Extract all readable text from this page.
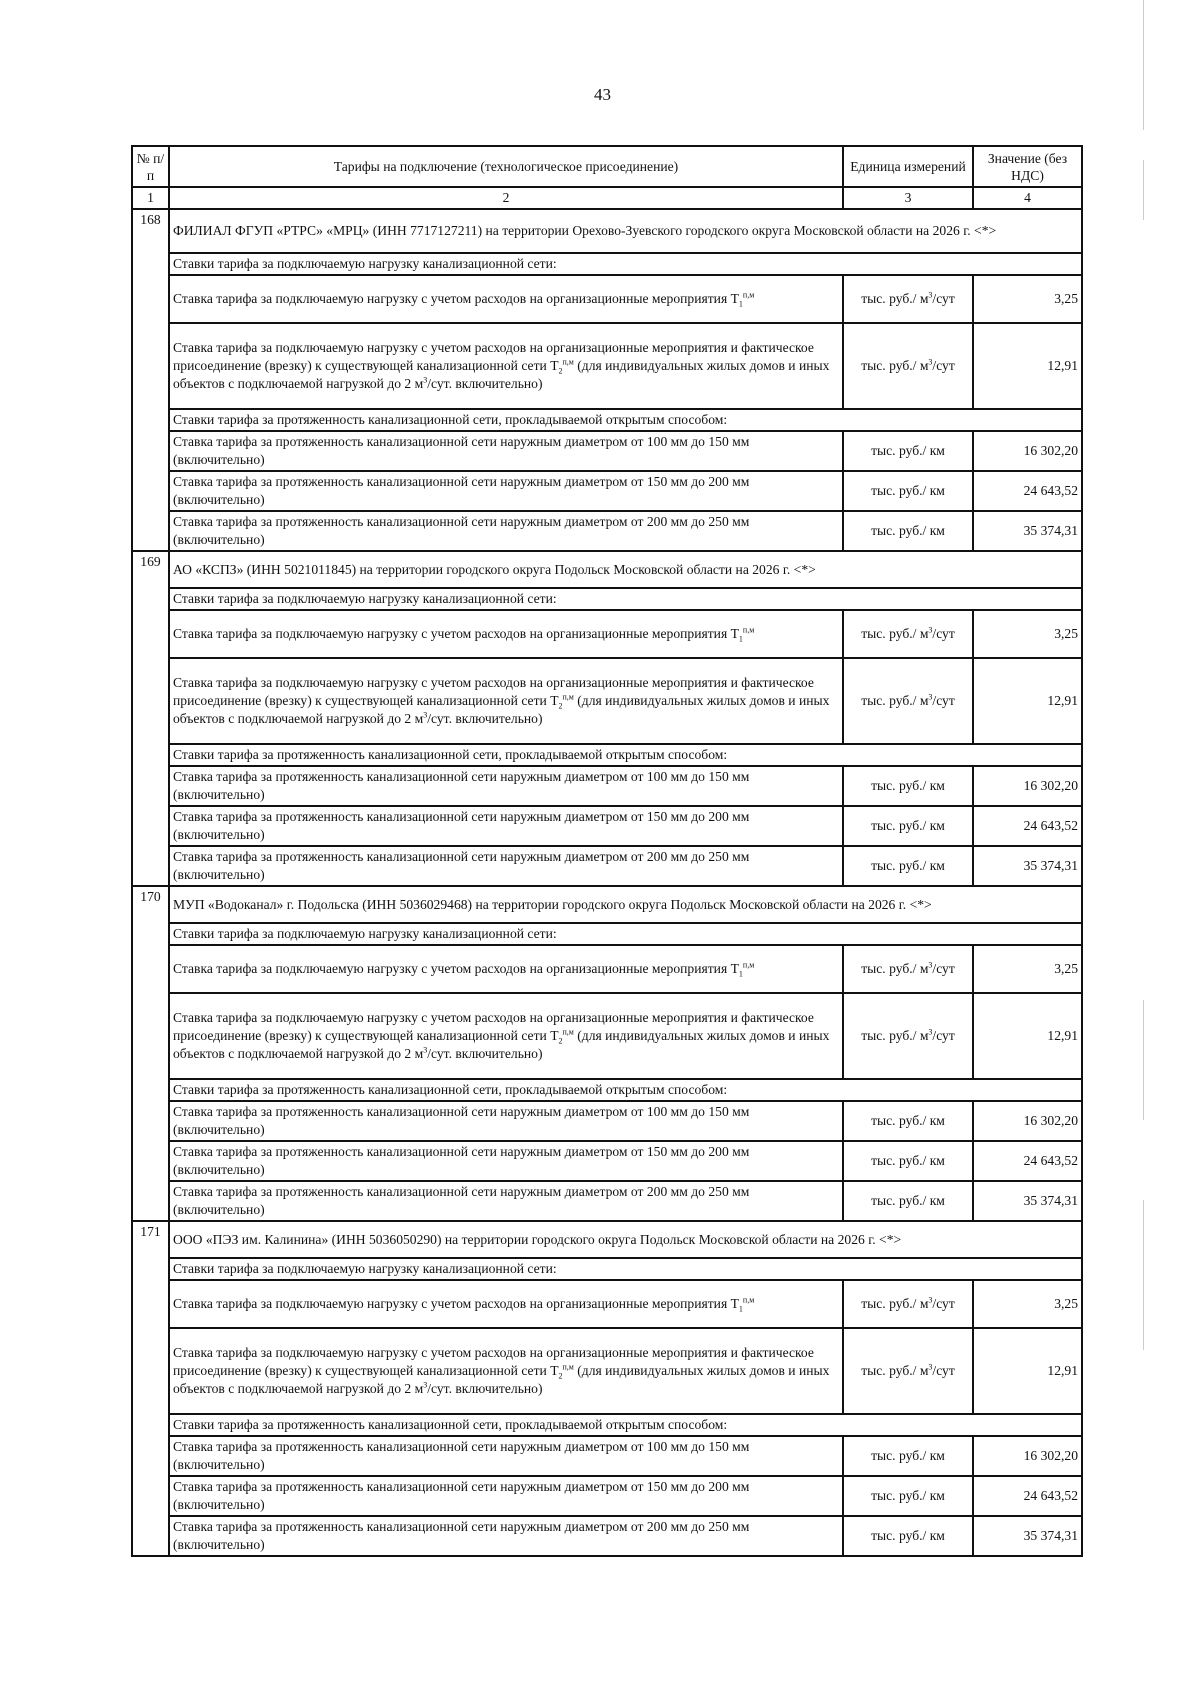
43
№ п/п	Тарифы на подключение (технологическое присоединение)	Единица измерений	Значение (без НДС)
1	2	3	4
168	ФИЛИАЛ ФГУП «РТРС» «МРЦ» (ИНН 7717127211) на территории Орехово-Зуевского городского округа Московской области на 2026 г. <*>		
	Ставки тарифа за подключаемую нагрузку канализационной сети:		
	Ставка тарифа за подключаемую нагрузку с учетом расходов на организационные мероприятия $T_1^{п,м}$	тыс. руб./ $м^3$/сут	3,25
	Ставка тарифа за подключаемую нагрузку с учетом расходов на организационные мероприятия и фактическое присоединение (врезку) к существующей канализационной сети $T_2^{п,м}$ (для индивидуальных жилых домов и иных объектов с подключаемой нагрузкой до 2 $м^3$/сут. включительно)	тыс. руб./ $м^3$/сут	12,91
	Ставки тарифа за протяженность канализационной сети, прокладываемой открытым способом:		
	Ставка тарифа за протяженность канализационной сети наружным диаметром от 100 мм до 150 мм (включительно)	тыс. руб./ км	16 302,20
	Ставка тарифа за протяженность канализационной сети наружным диаметром от 150 мм до 200 мм (включительно)	тыс. руб./ км	24 643,52
	Ставка тарифа за протяженность канализационной сети наружным диаметром от 200 мм до 250 мм (включительно)	тыс. руб./ км	35 374,31
169	АО «КСПЗ» (ИНН 5021011845) на территории городского округа Подольск Московской области на 2026 г. <*>		
	Ставки тарифа за подключаемую нагрузку канализационной сети:		
	Ставка тарифа за подключаемую нагрузку с учетом расходов на организационные мероприятия $T_1^{п,м}$	тыс. руб./ $м^3$/сут	3,25
	Ставка тарифа за подключаемую нагрузку с учетом расходов на организационные мероприятия и фактическое присоединение (врезку) к существующей канализационной сети $T_2^{п,м}$ (для индивидуальных жилых домов и иных объектов с подключаемой нагрузкой до 2 $м^3$/сут. включительно)	тыс. руб./ $м^3$/сут	12,91
	Ставки тарифа за протяженность канализационной сети, прокладываемой открытым способом:		
	Ставка тарифа за протяженность канализационной сети наружным диаметром от 100 мм до 150 мм (включительно)	тыс. руб./ км	16 302,20
	Ставка тарифа за протяженность канализационной сети наружным диаметром от 150 мм до 200 мм (включительно)	тыс. руб./ км	24 643,52
	Ставка тарифа за протяженность канализационной сети наружным диаметром от 200 мм до 250 мм (включительно)	тыс. руб./ км	35 374,31
170	МУП «Водоканал» г. Подольска (ИНН 5036029468) на территории городского округа Подольск Московской области на 2026 г. <*>		
	Ставки тарифа за подключаемую нагрузку канализационной сети:		
	Ставка тарифа за подключаемую нагрузку с учетом расходов на организационные мероприятия $T_1^{п,м}$	тыс. руб./ $м^3$/сут	3,25
	Ставка тарифа за подключаемую нагрузку с учетом расходов на организационные мероприятия и фактическое присоединение (врезку) к существующей канализационной сети $T_2^{п,м}$ (для индивидуальных жилых домов и иных объектов с подключаемой нагрузкой до 2 $м^3$/сут. включительно)	тыс. руб./ $м^3$/сут	12,91
	Ставки тарифа за протяженность канализационной сети, прокладываемой открытым способом:		
	Ставка тарифа за протяженность канализационной сети наружным диаметром от 100 мм до 150 мм (включительно)	тыс. руб./ км	16 302,20
	Ставка тарифа за протяженность канализационной сети наружным диаметром от 150 мм до 200 мм (включительно)	тыс. руб./ км	24 643,52
	Ставка тарифа за протяженность канализационной сети наружным диаметром от 200 мм до 250 мм (включительно)	тыс. руб./ км	35 374,31
171	ООО «ПЭЗ им. Калинина» (ИНН 5036050290) на территории городского округа Подольск Московской области на 2026 г. <*>		
	Ставки тарифа за подключаемую нагрузку канализационной сети:		
	Ставка тарифа за подключаемую нагрузку с учетом расходов на организационные мероприятия $T_1^{п,м}$	тыс. руб./ $м^3$/сут	3,25
	Ставка тарифа за подключаемую нагрузку с учетом расходов на организационные мероприятия и фактическое присоединение (врезку) к существующей канализационной сети $T_2^{п,м}$ (для индивидуальных жилых домов и иных объектов с подключаемой нагрузкой до 2 $м^3$/сут. включительно)	тыс. руб./ $м^3$/сут	12,91
	Ставки тарифа за протяженность канализационной сети, прокладываемой открытым способом:		
	Ставка тарифа за протяженность канализационной сети наружным диаметром от 100 мм до 150 мм (включительно)	тыс. руб./ км	16 302,20
	Ставка тарифа за протяженность канализационной сети наружным диаметром от 150 мм до 200 мм (включительно)	тыс. руб./ км	24 643,52
	Ставка тарифа за протяженность канализационной сети наружным диаметром от 200 мм до 250 мм (включительно)	тыс. руб./ км	35 374,31
